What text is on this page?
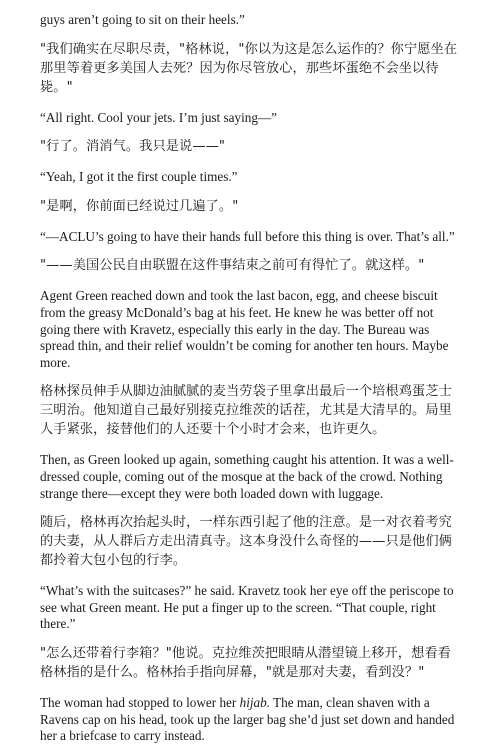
guys aren’t going to sit on their heels.”

"我们确实在尽职尽责，"格林说，"你以为这是怎么运作的？你宁愿坐在那里等着更多美国人去死？因为你尽管放心，那些坏蛋绝不会坐以待毙。"

“All right. Cool your jets. I’m just saying—”

"行了。消消气。我只是说——"

“Yeah, I got it the first couple times.”

"是啊，你前面已经说过几遍了。"

“—ACLU’s going to have their hands full before this thing is over. That’s all.”

"——美国公民自由联盟在这件事结束之前可有得忙了。就这样。"

Agent Green reached down and took the last bacon, egg, and cheese biscuit from the greasy McDonald’s bag at his feet. He knew he was better off not going there with Kravetz, especially this early in the day. The Bureau was spread thin, and their relief wouldn’t be coming for another ten hours. Maybe more.

格林探员伸手从脚边油腻腻的麦当劳袋子里拿出最后一个培根鸡蛋芝士三明治。他知道自己最好别接克拉维茨的话茬，尤其是大清早的。局里人手紧张，接替他们的人还要十个小时才会来，也许更久。

Then, as Green looked up again, something caught his attention. It was a well-dressed couple, coming out of the mosque at the back of the crowd. Nothing strange there—except they were both loaded down with luggage.

随后，格林再次抬起头时，一样东西引起了他的注意。是一对衣着考究的夫妻，从人群后方走出清真寺。这本身没什么奇怪的——只是他们俩都拎着大包小包的行李。

“What’s with the suitcases?” he said. Kravetz took her eye off the periscope to see what Green meant. He put a finger up to the screen. “That couple, right there.”

"怎么还带着行李箱？"他说。克拉维茨把眼睛从潜望镜上移开，想看看格林指的是什么。格林抬手指向屏幕，"就是那对夫妻，看到没？"

The woman had stopped to lower her hijab. The man, clean shaven with a Ravens cap on his head, took up the larger bag she’d just set down and handed her a briefcase to carry instead.
